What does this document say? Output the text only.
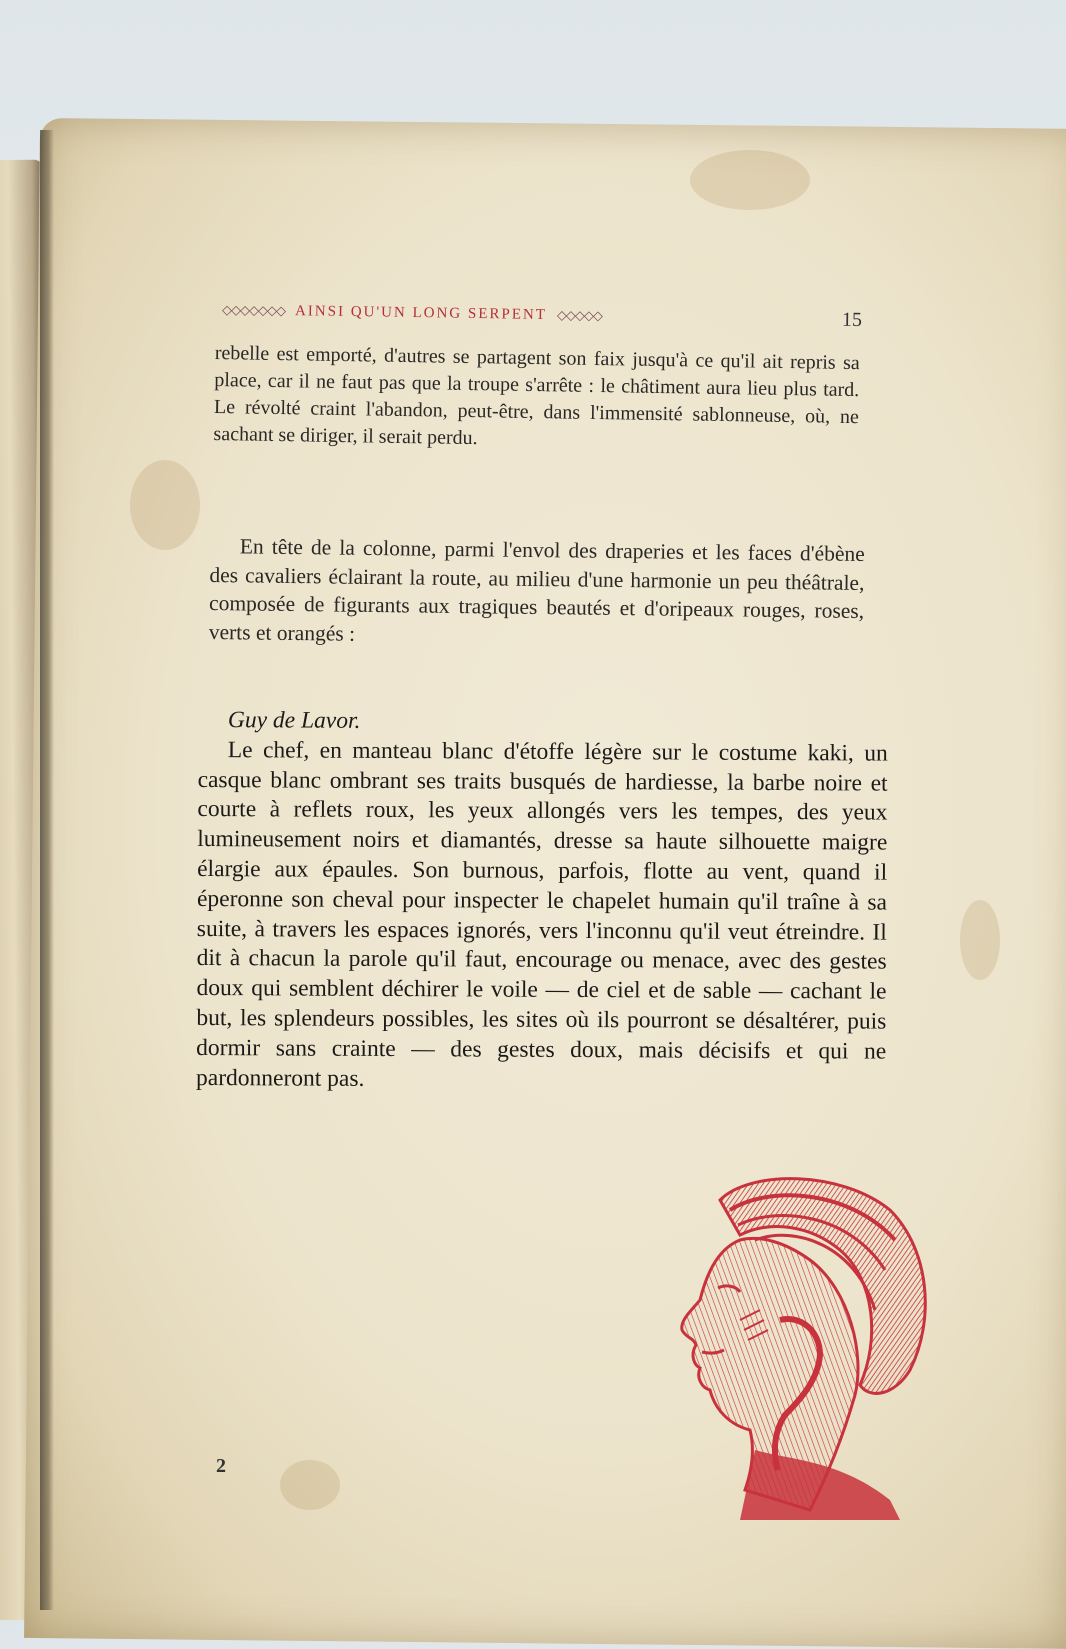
◇◇◇◇◇◇◇ AINSI QU'UN LONG SERPENT ◇◇◇◇◇	15

rebelle est emporté, d'autres se partagent son faix jusqu'à ce qu'il ait repris sa place, car il ne faut pas que la troupe s'arrête : le châtiment aura lieu plus tard. Le révolté craint l'abandon, peut-être, dans l'immensité sablonneuse, où, ne sachant se diriger, il serait perdu.

En tête de la colonne, parmi l'envol des draperies et les faces d'ébène des cavaliers éclairant la route, au milieu d'une harmonie un peu théâtrale, composée de figurants aux tragiques beautés et d'oripeaux rouges, roses, verts et orangés :

Guy de Lavor.

Le chef, en manteau blanc d'étoffe légère sur le costume kaki, un casque blanc ombrant ses traits busqués de hardiesse, la barbe noire et courte à reflets roux, les yeux allongés vers les tempes, des yeux lumineusement noirs et diamantés, dresse sa haute silhouette maigre élargie aux épaules. Son burnous, parfois, flotte au vent, quand il éperonne son cheval pour inspecter le chapelet humain qu'il traîne à sa suite, à travers les espaces ignorés, vers l'inconnu qu'il veut étreindre. Il dit à chacun la parole qu'il faut, encourage ou menace, avec des gestes doux qui semblent déchirer le voile — de ciel et de sable — cachant le but, les splendeurs possibles, les sites où ils pourront se désaltérer, puis dormir sans crainte — des gestes doux, mais décisifs et qui ne pardonneront pas.

2
